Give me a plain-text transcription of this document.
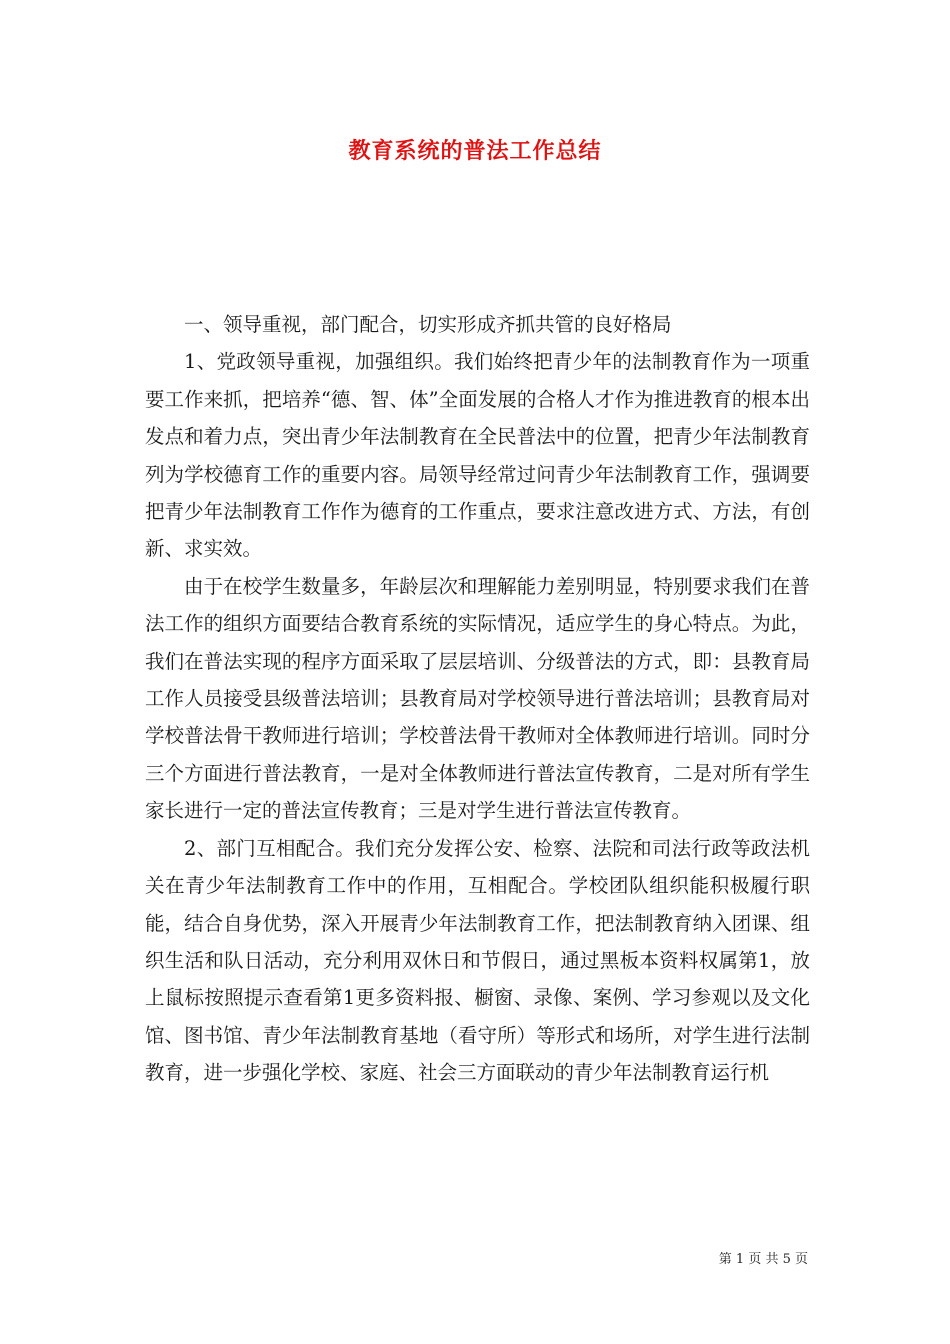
教育系统的普法工作总结

一、领导重视，部门配合，切实形成齐抓共管的良好格局

1、党政领导重视，加强组织。我们始终把青少年的法制教育作为一项重要工作来抓，把培养“德、智、体”全面发展的合格人才作为推进教育的根本出发点和着力点，突出青少年法制教育在全民普法中的位置，把青少年法制教育列为学校德育工作的重要内容。局领导经常过问青少年法制教育工作，强调要把青少年法制教育工作作为德育的工作重点，要求注意改进方式、方法，有创新、求实效。

由于在校学生数量多，年龄层次和理解能力差别明显，特别要求我们在普法工作的组织方面要结合教育系统的实际情况，适应学生的身心特点。为此，我们在普法实现的程序方面采取了层层培训、分级普法的方式，即：县教育局工作人员接受县级普法培训；县教育局对学校领导进行普法培训；县教育局对学校普法骨干教师进行培训；学校普法骨干教师对全体教师进行培训。同时分三个方面进行普法教育，一是对全体教师进行普法宣传教育，二是对所有学生家长进行一定的普法宣传教育；三是对学生进行普法宣传教育。

2、部门互相配合。我们充分发挥公安、检察、法院和司法行政等政法机关在青少年法制教育工作中的作用，互相配合。学校团队组织能积极履行职能，结合自身优势，深入开展青少年法制教育工作，把法制教育纳入团课、组织生活和队日活动，充分利用双休日和节假日，通过黑板本资料权属第1，放上鼠标按照提示查看第1更多资料报、橱窗、录像、案例、学习参观以及文化馆、图书馆、青少年法制教育基地（看守所）等形式和场所，对学生进行法制教育，进一步强化学校、家庭、社会三方面联动的青少年法制教育运行机

第 1 页 共 5 页
